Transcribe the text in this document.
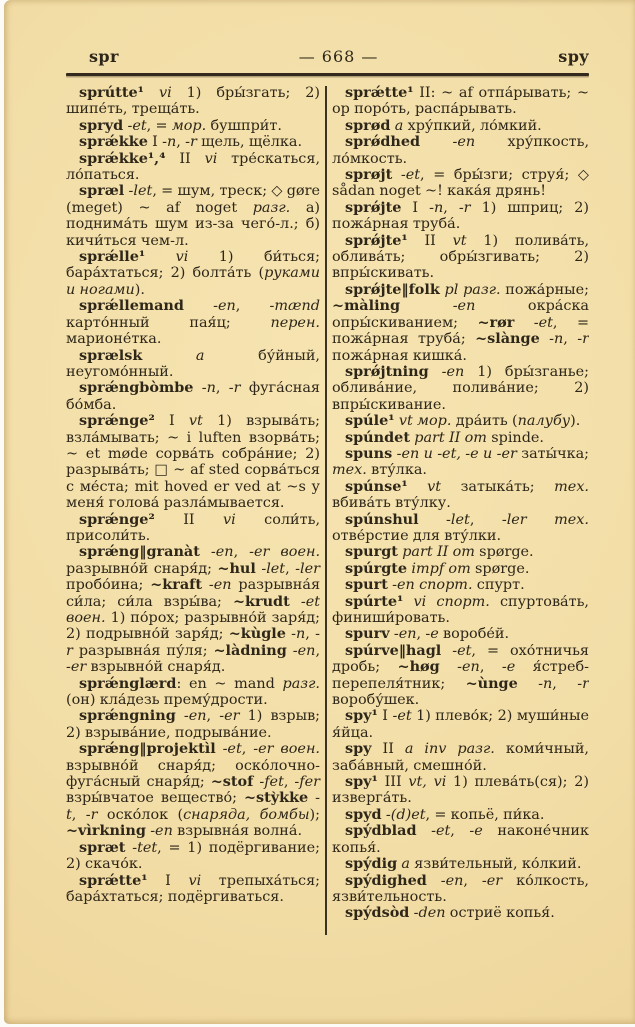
spr	— 668 —	spy

sprútte¹ vi 1) бры́згать; 2) шипе́ть, треща́ть.

spryd -et, = мор. бушпри́т.

sprǽkke I -n, -r щель, щёлка.

sprǽkke¹,⁴ II vi тре́скаться, ло́паться.

spræl -let, = шум, треск; ◇ gøre (meget) ~ af noget разг. а) поднима́ть шум из-за чего́-л.; б) кичи́ться чем-л.

sprǽlle¹ vi 1) би́ться; бара́хтаться; 2) болта́ть (руками и ногами).

sprǽllemand -en, -mænd карто́нный пая́ц; перен. марионе́тка.

sprælsk	a бу́йный, неугомо́нный.

sprǽngbòmbe -n, -r фуга́сная бо́мба.

sprǽnge² I vt 1) взрыва́ть; взла́мывать; ~ i luften взорва́ть; ~ et møde сорва́ть собра́ние; 2) разрыва́ть; □ ~ af sted сорва́ться с ме́ста; mit hoved er ved at ~s у меня́ голова́ разла́мывается.

sprǽnge² II vi соли́ть, присоли́ть.

sprǽng‖granàt -en, -er воен. разрывно́й снаря́д; ~hul -let, -ler пробо́ина; ~kraft -en разрывна́я си́ла; си́ла взры́ва; ~krudt -et воен. 1) по́рох; разрывно́й заря́д; 2) подрывно́й заря́д; ~kùgle -n, -r разрывна́я пу́ля; ~làdning -en, -er взрывно́й снаря́д.

sprǽnglærd: en ~ mand разг. (он) кла́дезь прему́дрости.

sprǽngning -en, -er 1) взрыв; 2) взрыва́ние, подрыва́ние.

sprǽng‖projektìl -et, -er воен. взрывно́й снаря́д; оско́лочно-фуга́сный снаря́д; ~stof -fet, -fer взры́вчатое вещество́; ~stỳkke -t, -r оско́лок (снаряда, бомбы); ~vìrkning -en взрывна́я волна́.

spræt -tet, = 1) подёргивание; 2) скачо́к.

sprǽtte¹ I vi трепыха́ться; бара́хтаться; подёргиваться.

sprǽtte¹ II: ~ af отпа́рывать; ~ op поро́ть, распа́рывать.

sprød a хру́пкий, ло́мкий.

sprǿdhed -en хру́пкость, ло́мкость.

sprøjt -et, = бры́зги; струя́; ◇ sådan noget ~! кака́я дрянь!

sprǿjte I -n, -r 1) шприц; 2) пожа́рная труба́.

sprǿjte¹ II vt 1) полива́ть, облива́ть; обры́згивать; 2) впры́скивать.

sprǿjte‖folk pl разг. пожа́рные; ~màling	-en окра́ска опры́скиванием; ~rør -et, = пожа́рная труба́; ~slànge -n, -r пожа́рная кишка́.

sprǿjtning -en 1) бры́зганье; облива́ние, полива́ние; 2) впры́скивание.

spúle¹ vt мор. дра́ить (палубу).

spúndet part II om spinde.

spuns -en и -et, -e и -er заты́чка; тех. вту́лка.

spúnse¹ vt затыка́ть; тех. вбива́ть вту́лку.

spúnshul -let, -ler тех. отве́рстие для вту́лки.

spurgt part II om spørge.

spúrgte impf om spørge.

spurt -en спорт. спурт.

spúrte¹ vi спорт. спуртова́ть, финиши́ровать.

spurv -en, -e воробе́й.

spúrve‖hagl -et, = охо́тничья дробь; ~høg -en, -e я́стреб-перепеля́тник; ~ùnge -n, -r воробу́шек.

spy¹ I -et 1) плево́к; 2) муши́ные я́йца.

spy II a inv разг. коми́чный, заба́вный, смешно́й.

spy¹ III vt, vi 1) плева́ть(ся); 2) изверга́ть.

spyd -(d)et, = копьё, пи́ка.

spýdblad -et, -e наконе́чник копья́.

spýdig a язви́тельный, ко́лкий.

spýdighed -en, -er ко́лкость, язви́тельность.

spýdsòd -den остриё копья́.
